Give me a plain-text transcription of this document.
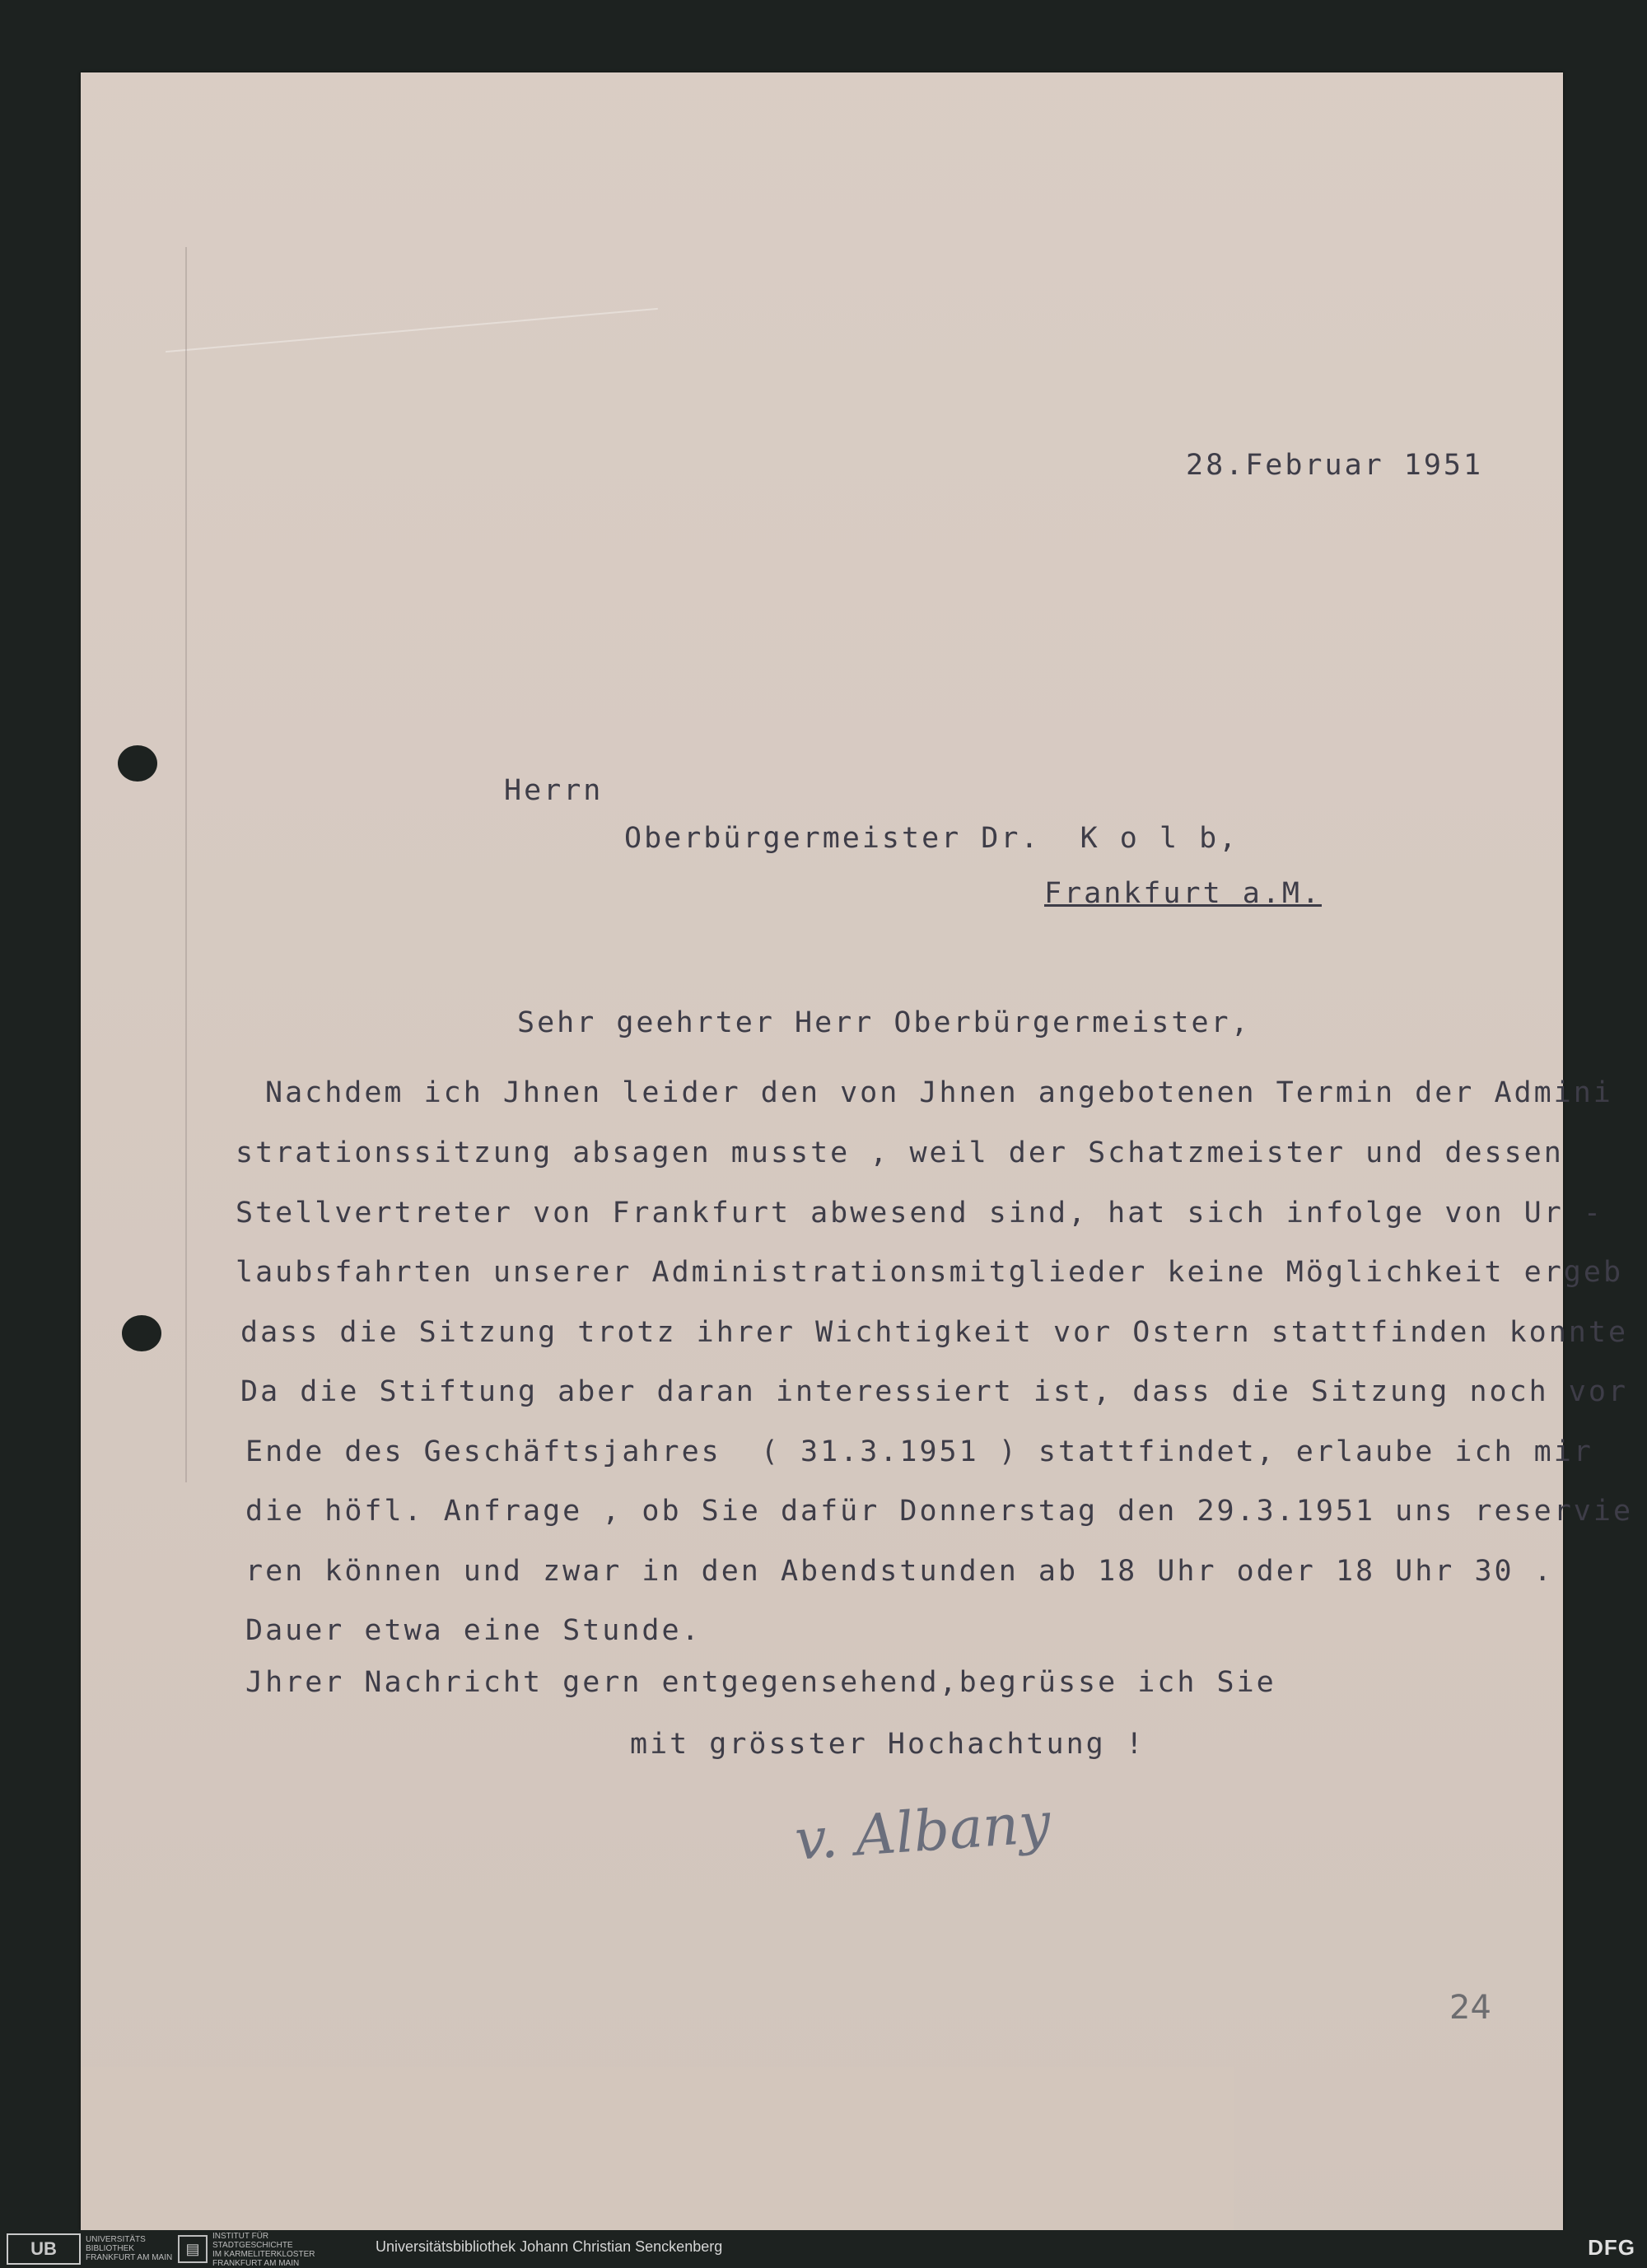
28.Februar 1951
Herrn
Oberbürgermeister Dr.  K o l b,
Frankfurt a.M.
Sehr geehrter Herr Oberbürgermeister,
Nachdem ich Jhnen leider den von Jhnen angebotenen Termin der Admini
strationssitzung absagen musste , weil der Schatzmeister und dessen
Stellvertreter von Frankfurt abwesend sind, hat sich infolge von Ur -
laubsfahrten unserer Administrationsmitglieder keine Möglichkeit ergeb
dass die Sitzung trotz ihrer Wichtigkeit vor Ostern stattfinden konnte
Da die Stiftung aber daran interessiert ist, dass die Sitzung noch vor
Ende des Geschäftsjahres  ( 31.3.1951 ) stattfindet, erlaube ich mir
die höfl. Anfrage , ob Sie dafür Donnerstag den 29.3.1951 uns reservie
ren können und zwar in den Abendstunden ab 18 Uhr oder 18 Uhr 30 .
Dauer etwa eine Stunde.
Jhrer Nachricht gern entgegensehend,begrüsse ich Sie
mit grösster Hochachtung !
v. Albany
24
UB	UNIVERSITÄTS
BIBLIOTHEK
FRANKFURT AM MAIN
▤
INSTITUT FÜR
STADTGESCHICHTE
IM KARMELITERKLOSTER
FRANKFURT AM MAIN
Universitätsbibliothek Johann Christian Senckenberg	DFG
